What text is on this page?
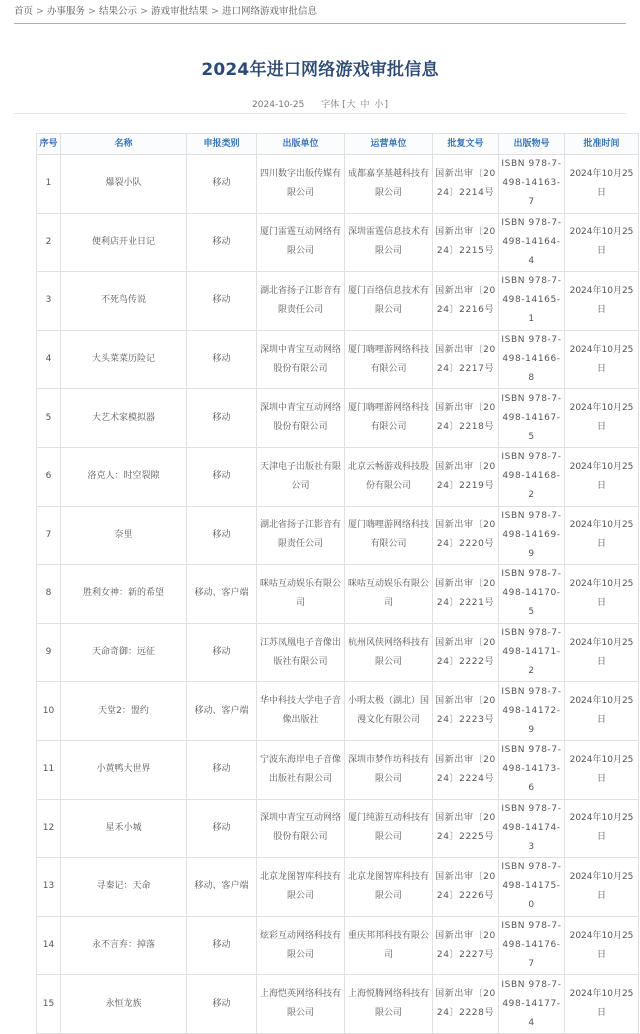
首页 > 办事服务 > 结果公示 > 游戏审批结果 > 进口网络游戏审批信息
2024年进口网络游戏审批信息
2024-10-25 字体 [大 中 小]
序号	名称	申报类别	出版单位	运营单位	批复文号	出版物号	批准时间
1	爆裂小队	移动	四川数字出版传媒有限公司	成都嘉享基越科技有限公司	国新出审〔2024〕2214号	ISBN 978-7-498-14163-7	2024年10月25日
2	便利店开业日记	移动	厦门雷霆互动网络有限公司	深圳雷霆信息技术有限公司	国新出审〔2024〕2215号	ISBN 978-7-498-14164-4	2024年10月25日
3	不死鸟传说	移动	湖北省扬子江影音有限责任公司	厦门百络信息技术有限公司	国新出审〔2024〕2216号	ISBN 978-7-498-14165-1	2024年10月25日
4	大头菜菜历险记	移动	深圳中青宝互动网络股份有限公司	厦门嗨哩游网络科技有限公司	国新出审〔2024〕2217号	ISBN 978-7-498-14166-8	2024年10月25日
5	大艺术家模拟器	移动	深圳中青宝互动网络股份有限公司	厦门嗨哩游网络科技有限公司	国新出审〔2024〕2218号	ISBN 978-7-498-14167-5	2024年10月25日
6	洛克人：时空裂隙	移动	天津电子出版社有限公司	北京云畅游戏科技股份有限公司	国新出审〔2024〕2219号	ISBN 978-7-498-14168-2	2024年10月25日
7	奈里	移动	湖北省扬子江影音有限责任公司	厦门嗨哩游网络科技有限公司	国新出审〔2024〕2220号	ISBN 978-7-498-14169-9	2024年10月25日
8	胜利女神：新的希望	移动、客户端	咪咕互动娱乐有限公司	咪咕互动娱乐有限公司	国新出审〔2024〕2221号	ISBN 978-7-498-14170-5	2024年10月25日
9	天命奇御：远征	移动	江苏凤凰电子音像出版社有限公司	杭州风侠网络科技有限公司	国新出审〔2024〕2222号	ISBN 978-7-498-14171-2	2024年10月25日
10	天堂2：盟约	移动、客户端	华中科技大学电子音像出版社	小明太极（湖北）国漫文化有限公司	国新出审〔2024〕2223号	ISBN 978-7-498-14172-9	2024年10月25日
11	小黄鸭大世界	移动	宁波东海岸电子音像出版社有限公司	深圳市梦作坊科技有限公司	国新出审〔2024〕2224号	ISBN 978-7-498-14173-6	2024年10月25日
12	星禾小城	移动	深圳中青宝互动网络股份有限公司	厦门纯游互动科技有限公司	国新出审〔2024〕2225号	ISBN 978-7-498-14174-3	2024年10月25日
13	寻秦记：天命	移动、客户端	北京龙图智库科技有限公司	北京龙图智库科技有限公司	国新出审〔2024〕2226号	ISBN 978-7-498-14175-0	2024年10月25日
14	永不言弃：掉落	移动	炫彩互动网络科技有限公司	重庆邦邦科技有限公司	国新出审〔2024〕2227号	ISBN 978-7-498-14176-7	2024年10月25日
15	永恒龙族	移动	上海恺英网络科技有限公司	上海悦腾网络科技有限公司	国新出审〔2024〕2228号	ISBN 978-7-498-14177-4	2024年10月25日
